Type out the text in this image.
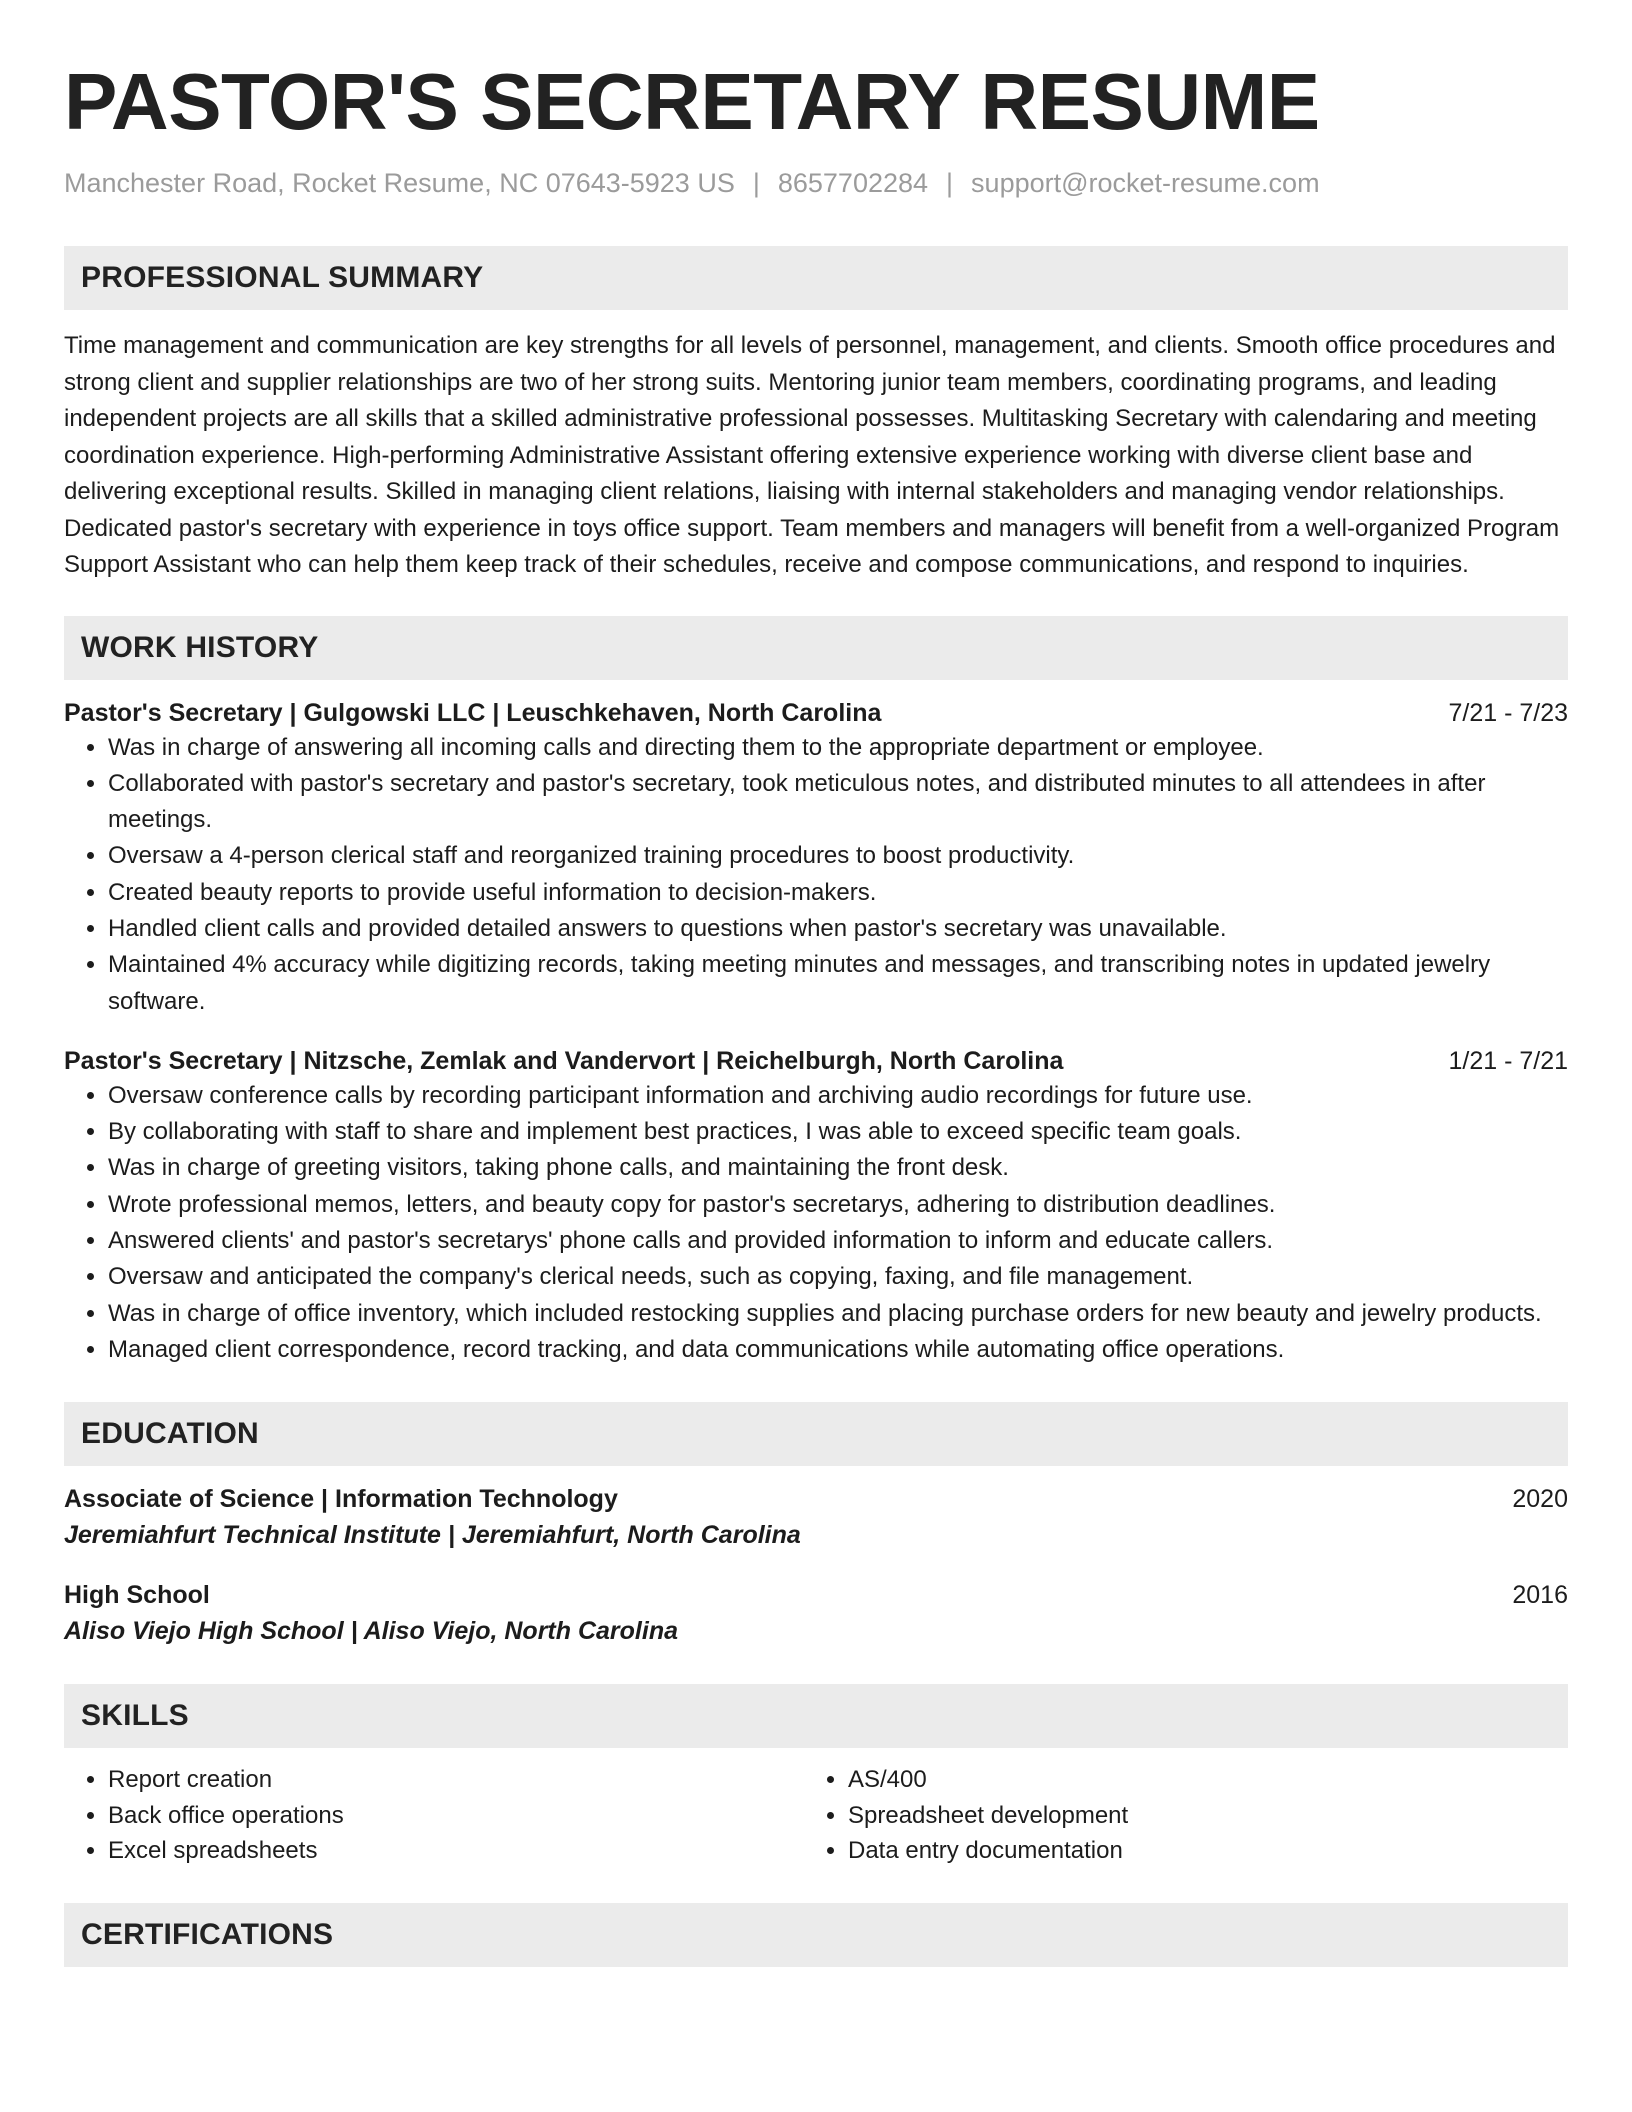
PASTOR'S SECRETARY RESUME
Manchester Road, Rocket Resume, NC 07643-5923 US | 8657702284 | support@rocket-resume.com
PROFESSIONAL SUMMARY

Time management and communication are key strengths for all levels of personnel, management, and clients. Smooth office procedures and strong client and supplier relationships are two of her strong suits. Mentoring junior team members, coordinating programs, and leading independent projects are all skills that a skilled administrative professional possesses. Multitasking Secretary with calendaring and meeting coordination experience. High-performing Administrative Assistant offering extensive experience working with diverse client base and delivering exceptional results. Skilled in managing client relations, liaising with internal stakeholders and managing vendor relationships. Dedicated pastor's secretary with experience in toys office support. Team members and managers will benefit from a well-organized Program Support Assistant who can help them keep track of their schedules, receive and compose communications, and respond to inquiries.

WORK HISTORY
Pastor's Secretary | Gulgowski LLC | Leuschkehaven, North Carolina	7/21 - 7/23
• Was in charge of answering all incoming calls and directing them to the appropriate department or employee.
• Collaborated with pastor's secretary and pastor's secretary, took meticulous notes, and distributed minutes to all attendees in after meetings.
• Oversaw a 4-person clerical staff and reorganized training procedures to boost productivity.
• Created beauty reports to provide useful information to decision-makers.
• Handled client calls and provided detailed answers to questions when pastor's secretary was unavailable.
• Maintained 4% accuracy while digitizing records, taking meeting minutes and messages, and transcribing notes in updated jewelry software.
Pastor's Secretary | Nitzsche, Zemlak and Vandervort | Reichelburgh, North Carolina	1/21 - 7/21
• Oversaw conference calls by recording participant information and archiving audio recordings for future use.
• By collaborating with staff to share and implement best practices, I was able to exceed specific team goals.
• Was in charge of greeting visitors, taking phone calls, and maintaining the front desk.
• Wrote professional memos, letters, and beauty copy for pastor's secretarys, adhering to distribution deadlines.
• Answered clients' and pastor's secretarys' phone calls and provided information to inform and educate callers.
• Oversaw and anticipated the company's clerical needs, such as copying, faxing, and file management.
• Was in charge of office inventory, which included restocking supplies and placing purchase orders for new beauty and jewelry products.
• Managed client correspondence, record tracking, and data communications while automating office operations.
EDUCATION
Associate of Science | Information Technology	2020
Jeremiahfurt Technical Institute | Jeremiahfurt, North Carolina
High School	2016
Aliso Viejo High School | Aliso Viejo, North Carolina
SKILLS
• Report creation
• Back office operations
• Excel spreadsheets
• AS/400
• Spreadsheet development
• Data entry documentation
CERTIFICATIONS
